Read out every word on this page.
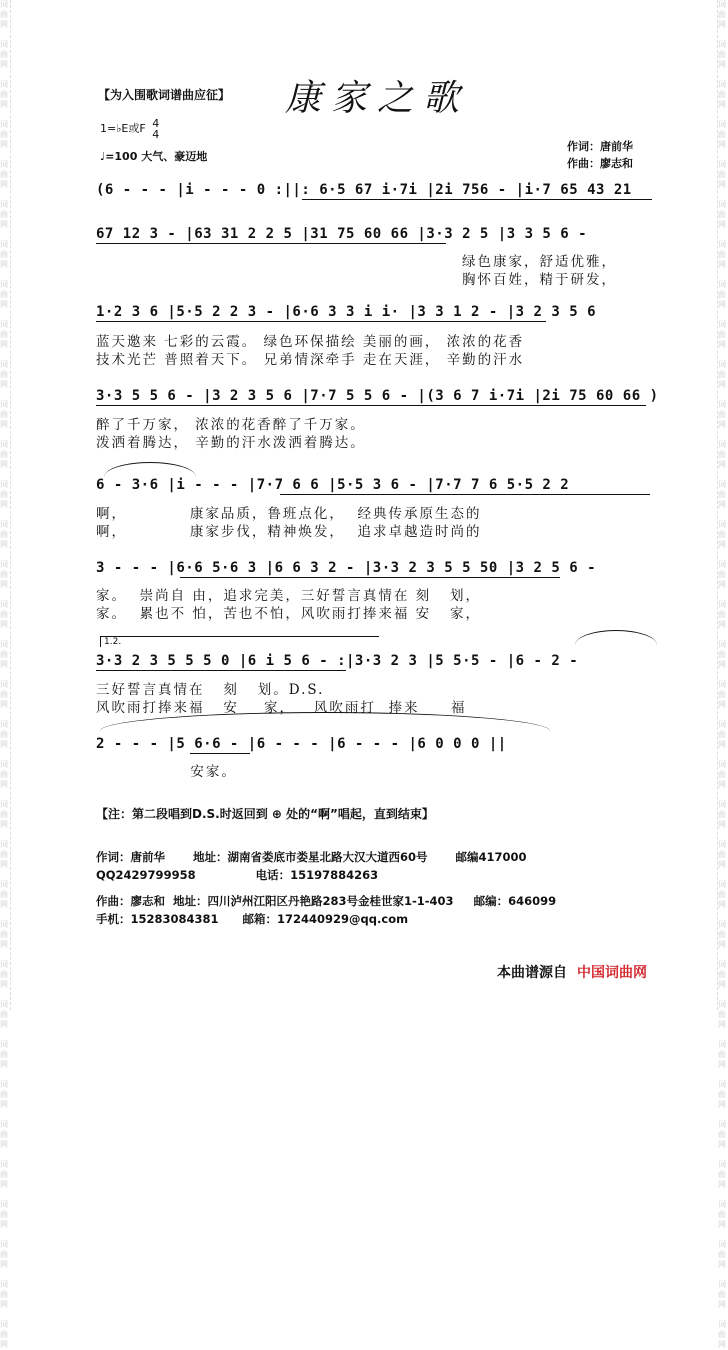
词
曲
网

词
曲
网

词
曲
网

词
曲
网

词
曲
网

词
曲
网

词
曲
网

词
曲
网

词
曲
网

词
曲
网

词
曲
网

词
曲
网

词
曲
网

词
曲
网

词
曲
网

词
曲
网

词
曲
网

词
曲
网

词
曲
网

词
曲
网

词
曲
网

词
曲
网

词
曲
网

词
曲
网

词
曲
网

词
曲
网

词
曲
网

词
曲
网

词
曲
网

词
曲
网

词
曲
网

词
曲
网

词
曲
网

词
曲
网

词
曲
网

词
曲
网

词
曲
网

词
曲
网

词
曲
网

词
曲
网

词
曲
网

词
曲
网

词
曲
网

词
曲
网

词
曲
网

词
曲
网

词
曲
网

词
曲
网

词
曲
网

词
曲
网

词
曲
网

词
曲
网

词
曲
网

词
曲
网

词
曲
网

词
曲
网

词
曲
网

词
曲
网

词
曲
网

词
曲
网

词
曲
网

词
曲
网

词
曲
网

词
曲
网

词
曲
网

词
曲
网

词
曲
网

词
曲
网

【为入围歌词谱曲应征】 康家之歌
1=♭E或F 4
4
♩=100 大气、豪迈地
作词：唐前华
作曲：廖志和
(6 - - - |i - - - 0 :||: 6·5 67 i·7i |2i 756 - |i·7 65 43 21
67 12 3 - |63 31 2 2 5 |31 75 60 66 |3·3 2 5 |3 3 5 6 -
绿色康家，舒适优雅，
胸怀百姓，精于研发，
1·2 3 6 |5·5 2 2 3 - |6·6 3 3 i i· |3 3 1 2 - |3 2 3 5 6
蓝天邀来 七彩的云霞。 绿色环保描绘 美丽的画， 浓浓的花香
技术光芒 普照着天下。 兄弟情深牵手 走在天涯， 辛勤的汗水
3·3 5 5 6 - |3 2 3 5 6 |7·7 5 5 6 - |(3 6 7 i·7i |2i 75 60 66 )
醉了千万家， 浓浓的花香醉了千万家。
泼洒着腾达， 辛勤的汗水泼洒着腾达。
6 - 3·6 |i - - - |7·7 6 6 |5·5 3 6 - |7·7 7 6 5·5 2 2
啊，          康家品质，鲁班点化，  经典传承原生态的
啊，          康家步伐，精神焕发，  追求卓越造时尚的
3 - - - |6·6 5·6 3 |6 6 3 2 - |3·3 2 3 5 5 50 |3 2 5 6 -
家。  崇尚自 由，追求完美，三好誓言真情在 刻   划，
家。  累也不 怕，苦也不怕，风吹雨打捧来福 安   家，
1.2.
3·3 2 3 5 5 5 0 |6 i 5 6 - :|3·3 2 3 |5 5·5 - |6 - 2 -
三好誓言真情在   刻   划。D.S.
风吹雨打捧来福   安    家，   风吹雨打  捧来     福
2 - - - |5 6·6 - |6 - - - |6 - - - |6 0 0 0 ||
安家。
【注：第二段唱到D.S.时返回到 ⊕ 处的“啊”唱起，直到结束】
作词：唐前华       地址：湖南省娄底市娄星北路大汉大道西60号       邮编417000
QQ2429799958               电话：15197884263
作曲：廖志和  地址：四川泸州江阳区丹艳路283号金桂世家1-1-403     邮编：646099
手机：15283084381      邮箱：172440929@qq.com
本曲谱源自 中国词曲网
